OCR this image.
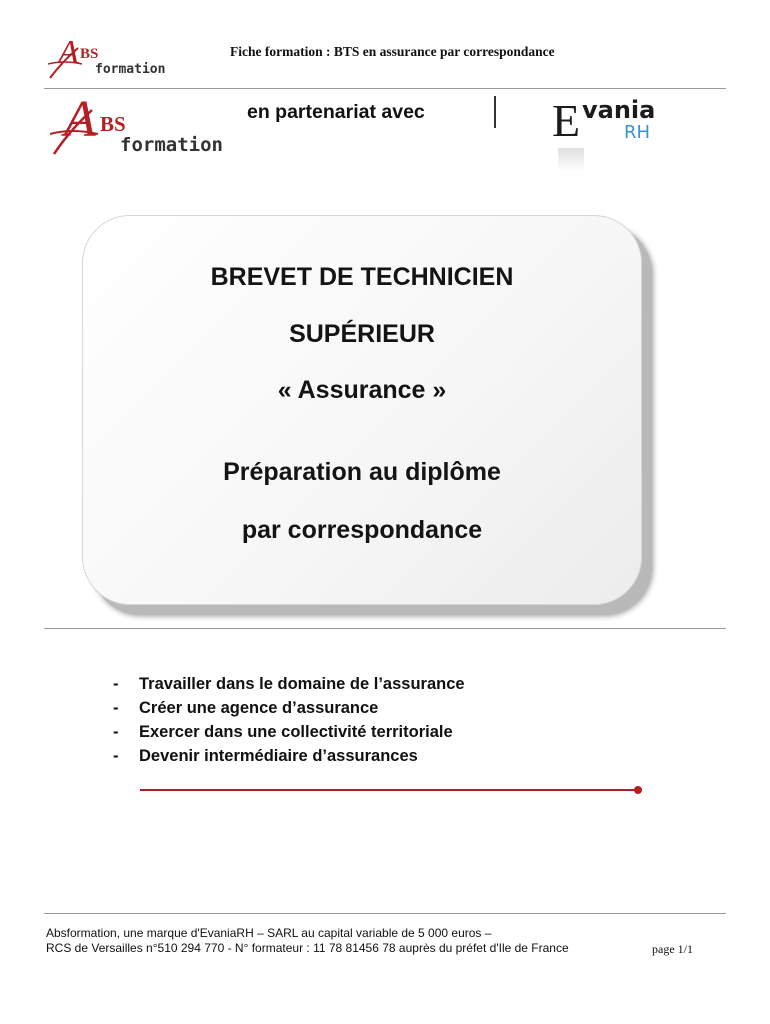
A BS
formation
Fiche formation : BTS en assurance par correspondance
A BS
formation
en partenariat avec	E vania
RH
BREVET DE TECHNICIEN
SUPÉRIEUR
« Assurance »
Préparation au diplôme
par correspondance
- Travailler dans le domaine de l’assurance
- Créer une agence d’assurance
- Exercer dans une collectivité territoriale
- Devenir intermédiaire d’assurances
Absformation, une marque d'EvaniaRH – SARL au capital variable de 5 000 euros –
RCS de Versailles n°510 294 770 - N° formateur : 11 78 81456 78 auprès du préfet d'Ile de France	page 1/1
